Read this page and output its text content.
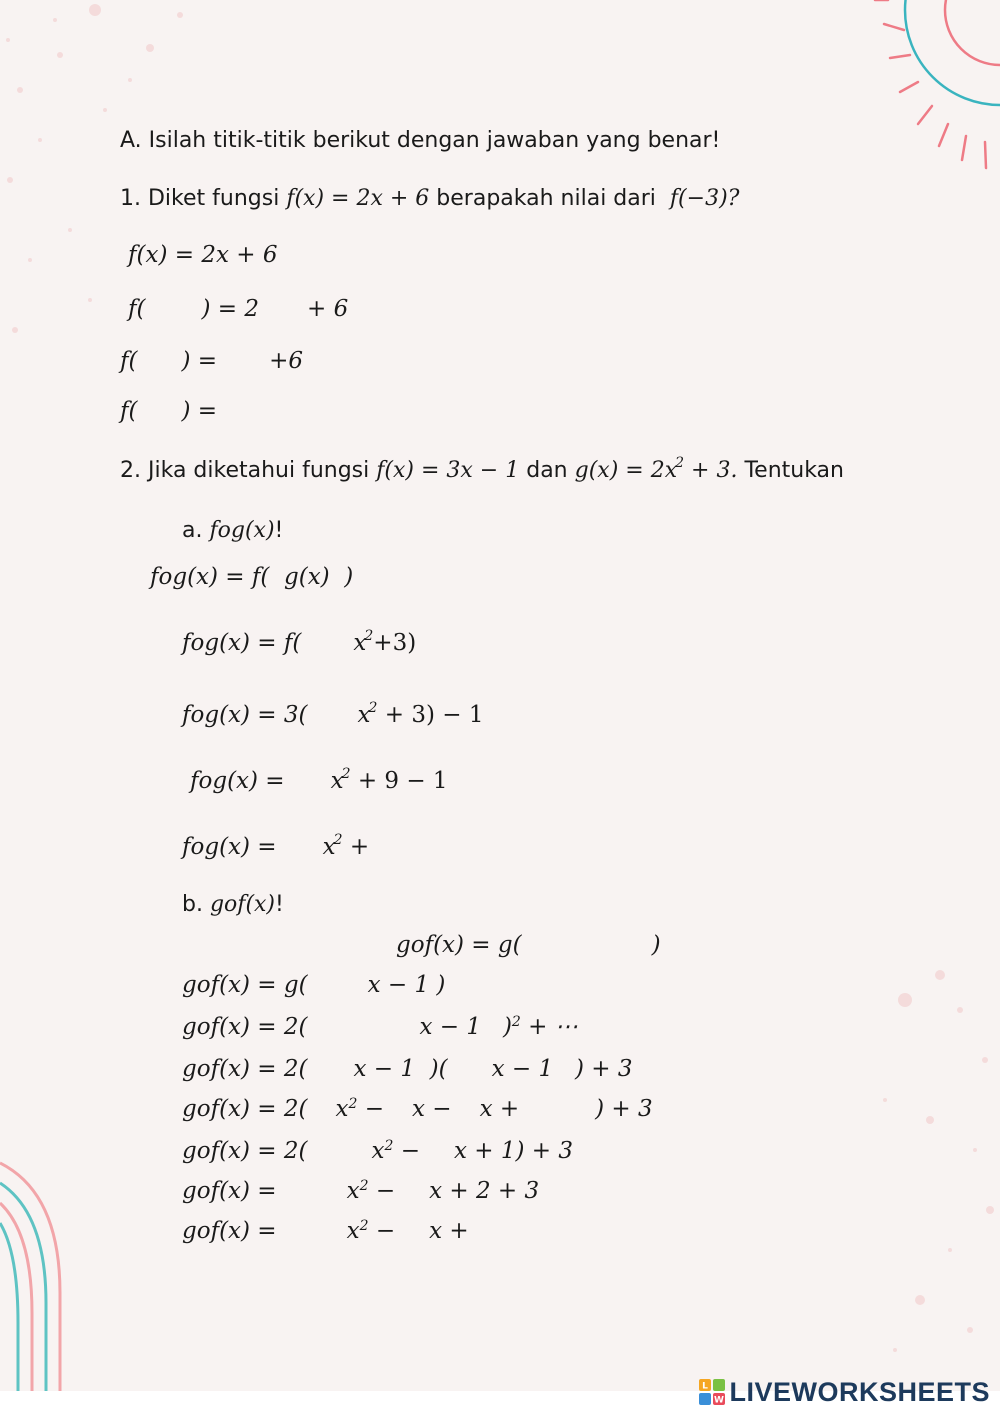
A. Isilah titik-titik berikut dengan jawaban yang benar!
1. Diket fungsi f(x) = 2x + 6 berapakah nilai dari f(−3)?
f(x) = 2x + 6
f( ) = 2 + 6
f( ) = +6
f( ) =
2. Jika diketahui fungsi f(x) = 3x − 1 dan $g(x) = 2x^2 + 3$. Tentukan
a. fog(x)!
fog(x) = f(  g(x)  )
fog(x) = f( $x^2+3$)
fog(x) = 3( $x^2 + 3) - 1$
$fog(x) = x^2 + 9 - 1$
$fog(x) = x^2$ +
b. gof(x)!
gof(x) = g(	)
gof(x) = g(	x − 1 )
gof(x) = 2(	x − 1   )$^2$ + ⋯
gof(x) = 2( x − 1  )( x − 1   ) + 3
gof(x) = 2( $x^2 - x - x$ +	) + 3
gof(x) = 2(	$x^2 - x + 1) + 3$
gof(x) =	$x^2 - x + 2 + 3$
gof(x) =	$x^2 - x$ +
L
W LIVEWORKSHEETS
